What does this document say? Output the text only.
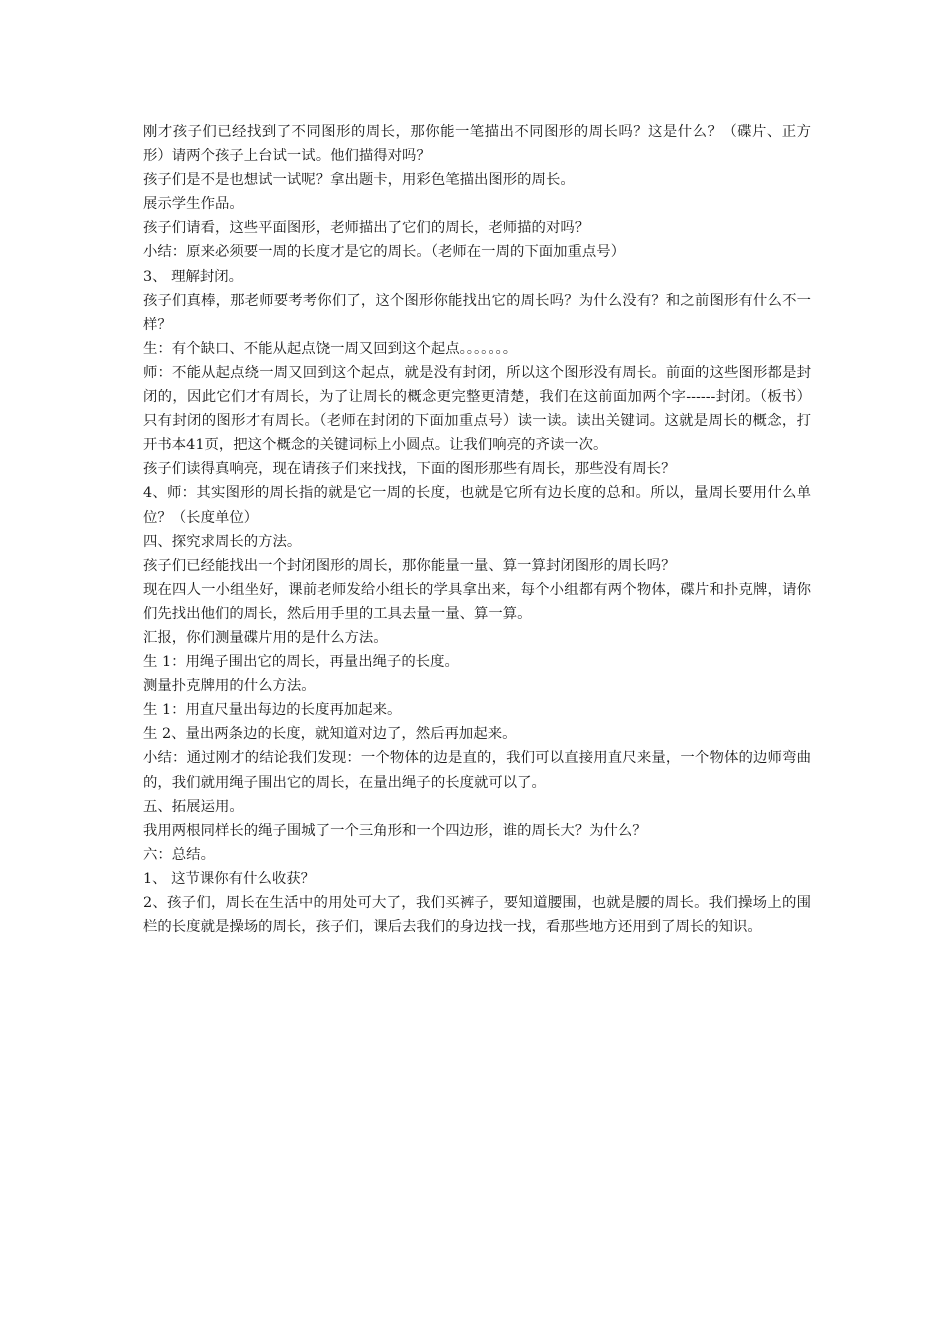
刚才孩子们已经找到了不同图形的周长，那你能一笔描出不同图形的周长吗？这是什么？（碟片、正方形）请两个孩子上台试一试。他们描得对吗？

孩子们是不是也想试一试呢？拿出题卡，用彩色笔描出图形的周长。

展示学生作品。

孩子们请看，这些平面图形，老师描出了它们的周长，老师描的对吗？

小结：原来必须要一周的长度才是它的周长。（老师在一周的下面加重点号）

3、 理解封闭。

孩子们真棒，那老师要考考你们了，这个图形你能找出它的周长吗？为什么没有？和之前图形有什么不一样？

生：有个缺口、不能从起点饶一周又回到这个起点。。。。。。。

师：不能从起点绕一周又回到这个起点，就是没有封闭，所以这个图形没有周长。前面的这些图形都是封闭的，因此它们才有周长，为了让周长的概念更完整更清楚，我们在这前面加两个字------封闭。（板书）只有封闭的图形才有周长。（老师在封闭的下面加重点号）读一读。读出关键词。这就是周长的概念，打开书本41页，把这个概念的关键词标上小圆点。让我们响亮的齐读一次。

孩子们读得真响亮，现在请孩子们来找找，下面的图形那些有周长，那些没有周长？

4、师：其实图形的周长指的就是它一周的长度，也就是它所有边长度的总和。所以，量周长要用什么单位？（长度单位）

四、探究求周长的方法。

孩子们已经能找出一个封闭图形的周长，那你能量一量、算一算封闭图形的周长吗？

现在四人一小组坐好，课前老师发给小组长的学具拿出来，每个小组都有两个物体，碟片和扑克牌，请你们先找出他们的周长，然后用手里的工具去量一量、算一算。

汇报，你们测量碟片用的是什么方法。

生 1：用绳子围出它的周长，再量出绳子的长度。

测量扑克牌用的什么方法。

生 1：用直尺量出每边的长度再加起来。

生 2、量出两条边的长度，就知道对边了，然后再加起来。

小结：通过刚才的结论我们发现：一个物体的边是直的，我们可以直接用直尺来量，一个物体的边师弯曲的，我们就用绳子围出它的周长，在量出绳子的长度就可以了。

五、拓展运用。

我用两根同样长的绳子围城了一个三角形和一个四边形，谁的周长大？为什么？

六：总结。

1、 这节课你有什么收获？

2、孩子们，周长在生活中的用处可大了，我们买裤子，要知道腰围，也就是腰的周长。我们操场上的围栏的长度就是操场的周长，孩子们，课后去我们的身边找一找，看那些地方还用到了周长的知识。
